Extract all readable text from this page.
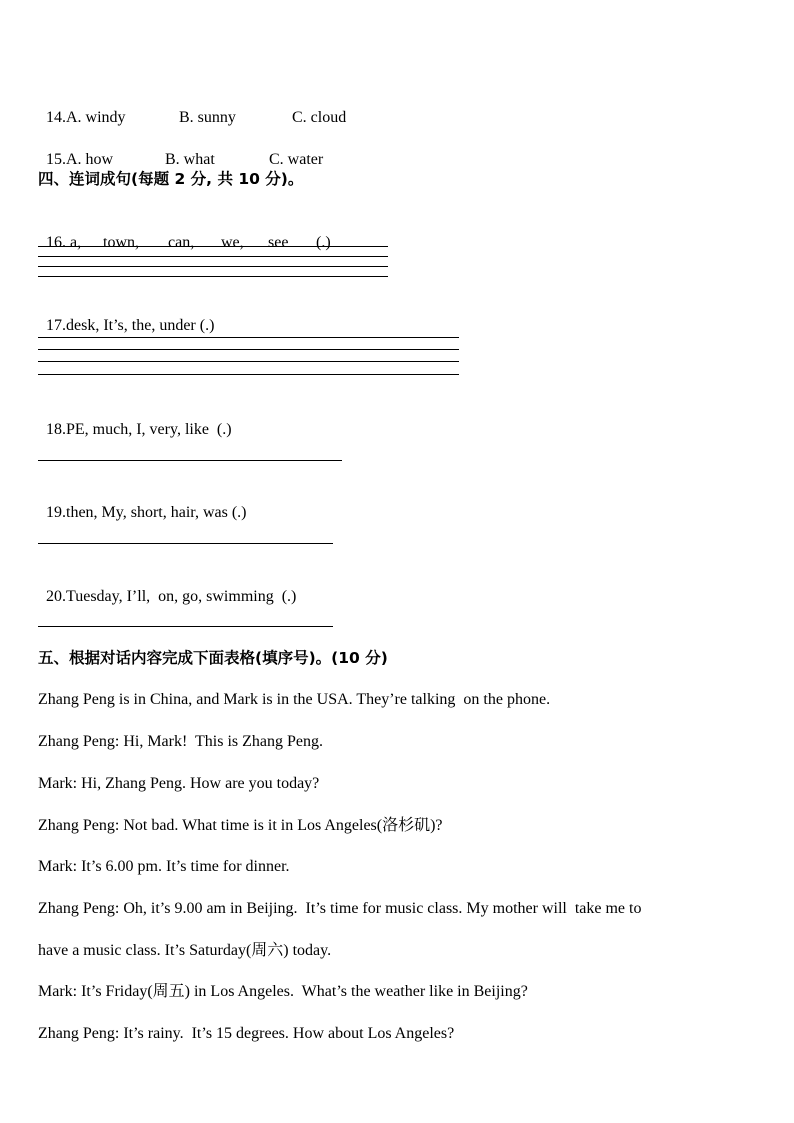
14.A. windy	B. sunny	C. cloud

15.A. how	B. what	C. water

四、连词成句(每题 2 分, 共 10 分)。

16. a, town, can, we, see (.)

17.desk, It’s, the, under (.)

18.PE, much, I, very, like  (.)

19.then, My, short, hair, was (.)

20.Tuesday, I’ll,  on, go, swimming  (.)

五、根据对话内容完成下面表格(填序号)。(10 分)
Zhang Peng is in China, and Mark is in the USA. They’re talking  on the phone.
Zhang Peng: Hi, Mark!  This is Zhang Peng.
Mark: Hi, Zhang Peng. How are you today?
Zhang Peng: Not bad. What time is it in Los Angeles(洛杉矶)?
Mark: It’s 6.00 pm. It’s time for dinner.
Zhang Peng: Oh, it’s 9.00 am in Beijing.  It’s time for music class. My mother will  take me to
have a music class. It’s Saturday(周六) today.
Mark: It’s Friday(周五) in Los Angeles.  What’s the weather like in Beijing?
Zhang Peng: It’s rainy.  It’s 15 degrees. How about Los Angeles?
